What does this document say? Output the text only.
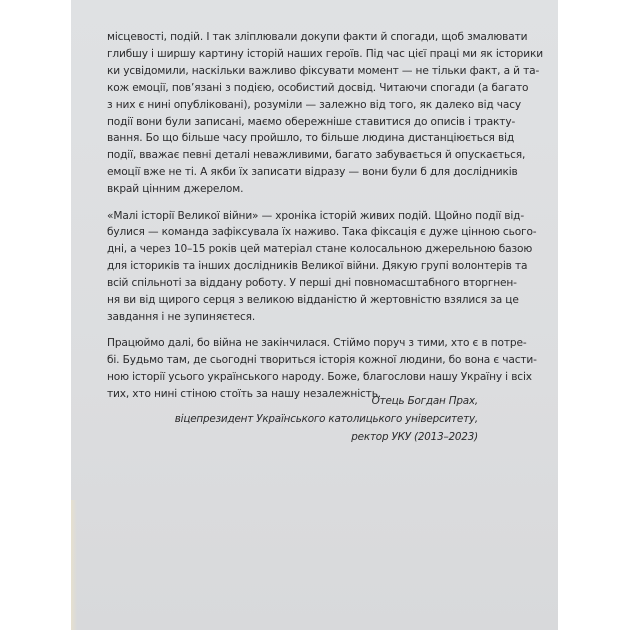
місцевості, подій. І так зліплювали докупи факти й спогади, щоб змалювати
глибшу і ширшу картину історій наших героїв. Під час цієї праці ми як історики
ки усвідомили, наскільки важливо фіксувати момент — не тільки факт, а й та-
кож емоції, пов’язані з подією, особистий досвід. Читаючи спогади (а багато
з них є нині опубліковані), розуміли — залежно від того, як далеко від часу
події вони були записані, маємо обережніше ставитися до описів і тракту-
вання. Бо що більше часу пройшло, то більше людина дистанціюється від
події, вважає певні деталі неважливими, багато забувається й опускається,
емоції вже не ті. А якби їх записати відразу — вони були б для дослідників
вкрай цінним джерелом.

«Малі історії Великої війни» — хроніка історій живих подій. Щойно події від-
булися — команда зафіксувала їх наживо. Така фіксація є дуже цінною сього-
дні, а через 10–15 років цей матеріал стане колосальною джерельною базою
для істориків та інших дослідників Великої війни. Дякую групі волонтерів та
всій спільноті за віддану роботу. У перші дні повномасштабного вторгнен-
ня ви від щирого серця з великою відданістю й жертовністю взялися за це
завдання і не зупиняєтеся.

Працюймо далі, бо війна не закінчилася. Стіймо поруч з тими, хто є в потре-
бі. Будьмо там, де сьогодні твориться історія кожної людини, бо вона є части-
ною історії усього українського народу. Боже, благослови нашу Україну і всіх
тих, хто нині стіною стоїть за нашу незалежність.

Отець Богдан Прах,
віцепрезидент Українського католицького університету,
ректор УКУ (2013–2023)
